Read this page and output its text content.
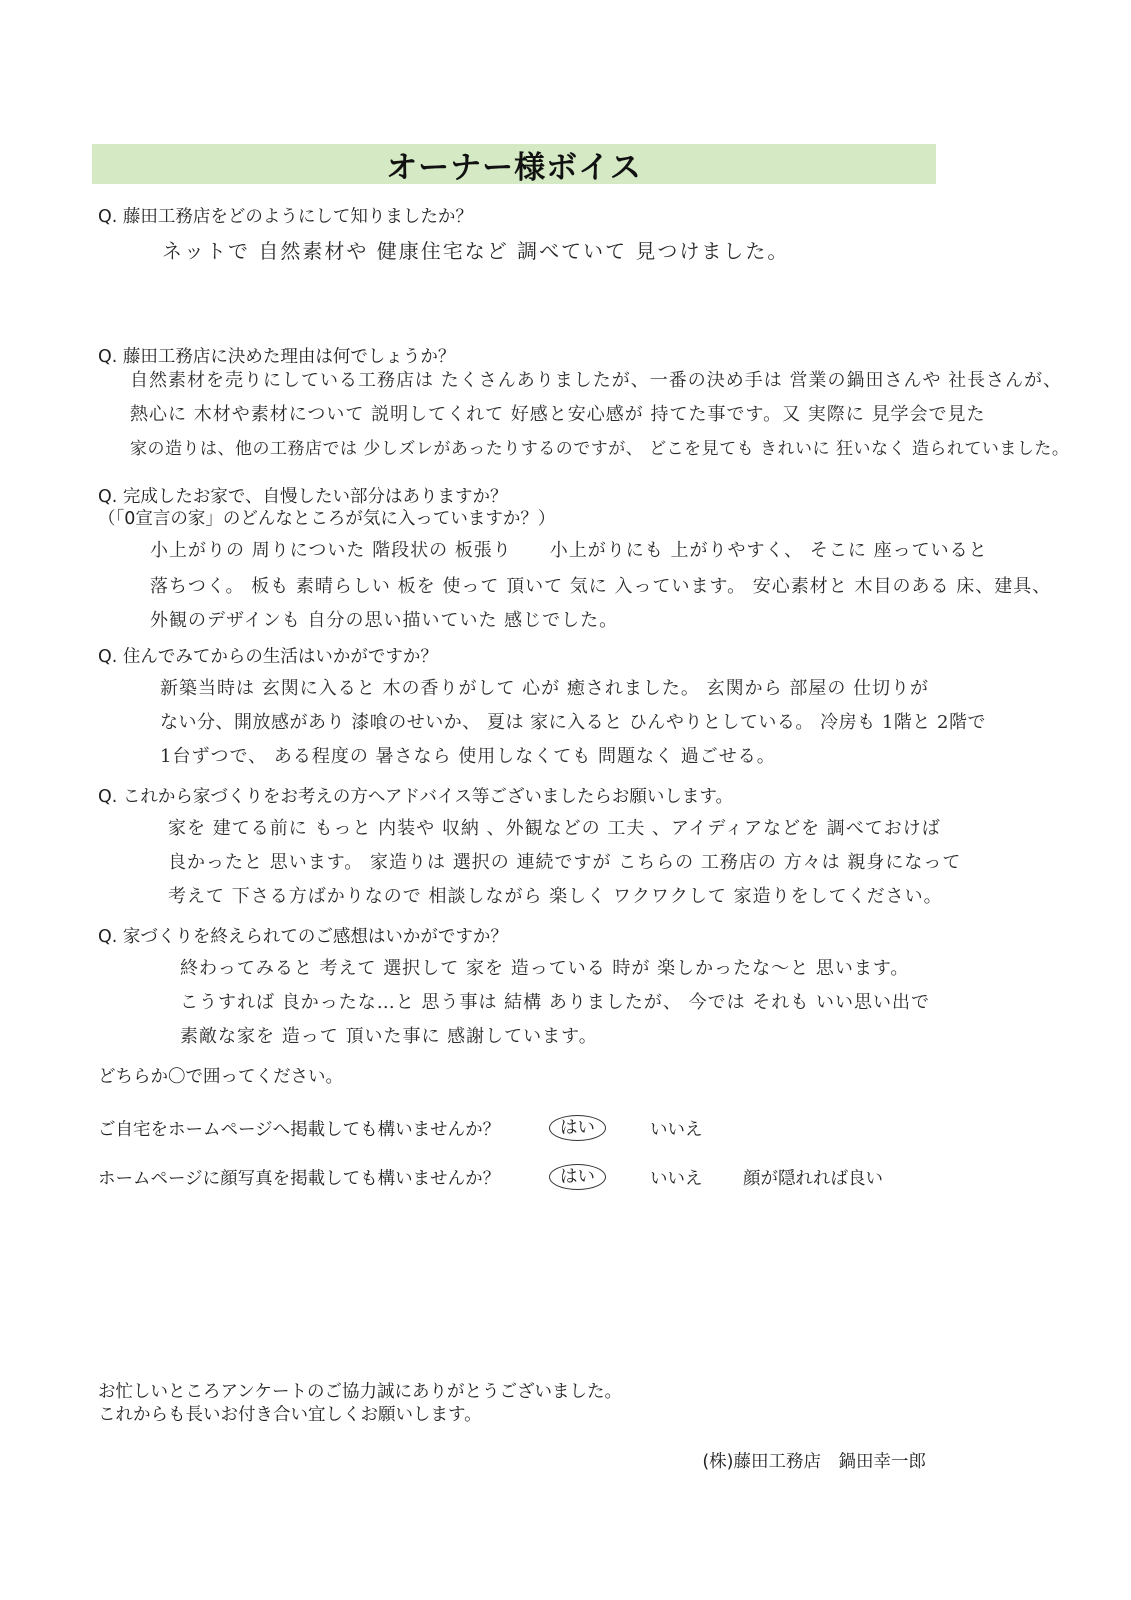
オーナー様ボイス
Q. 藤田工務店をどのようにして知りましたか？
ネットで 自然素材や 健康住宅など 調べていて 見つけました。
Q. 藤田工務店に決めた理由は何でしょうか？
自然素材を売りにしている工務店は たくさんありましたが、一番の決め手は 営業の鍋田さんや 社長さんが、
熱心に 木材や素材について 説明してくれて 好感と安心感が 持てた事です。又 実際に 見学会で見た
家の造りは、他の工務店では 少しズレがあったりするのですが、 どこを見ても きれいに 狂いなく 造られていました。
Q. 完成したお家で、自慢したい部分はありますか？
（「0宣言の家」のどんなところが気に入っていますか？）
小上がりの 周りについた 階段状の 板張り　　小上がりにも 上がりやすく、 そこに 座っていると
落ちつく。 板も 素晴らしい 板を 使って 頂いて 気に 入っています。 安心素材と 木目のある 床、建具、
外観のデザインも 自分の思い描いていた 感じでした。
Q. 住んでみてからの生活はいかがですか？
新築当時は 玄関に入ると 木の香りがして 心が 癒されました。 玄関から 部屋の 仕切りが
ない分、開放感があり 漆喰のせいか、 夏は 家に入ると ひんやりとしている。 冷房も 1階と 2階で
1台ずつで、 ある程度の 暑さなら 使用しなくても 問題なく 過ごせる。
Q. これから家づくりをお考えの方へアドバイス等ございましたらお願いします。
家を 建てる前に もっと 内装や 収納 、外観などの 工夫 、アイディアなどを 調べておけば
良かったと 思います。 家造りは 選択の 連続ですが こちらの 工務店の 方々は 親身になって
考えて 下さる方ばかりなので 相談しながら 楽しく ワクワクして 家造りをしてください。
Q. 家づくりを終えられてのご感想はいかがですか？
終わってみると 考えて 選択して 家を 造っている 時が 楽しかったな〜と 思います。
こうすれば 良かったな…と 思う事は 結構 ありましたが、 今では それも いい思い出で
素敵な家を 造って 頂いた事に 感謝しています。
どちらか〇で囲ってください。
ご自宅をホームページへ掲載しても構いませんか？	はい	いいえ
ホームページに顔写真を掲載しても構いませんか？	はい	いいえ 顔が隠れれば良い
お忙しいところアンケートのご協力誠にありがとうございました。
これからも長いお付き合い宜しくお願いします。
(株)藤田工務店　鍋田幸一郎
